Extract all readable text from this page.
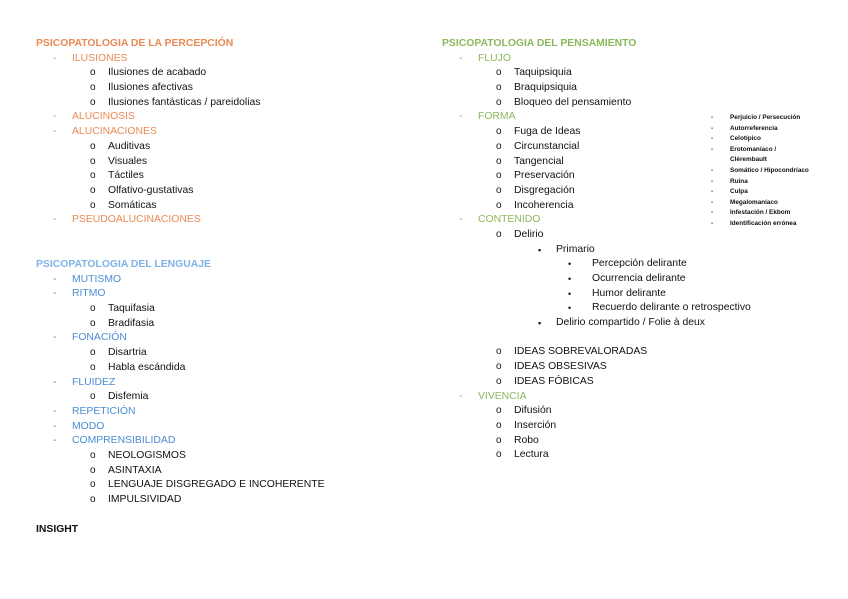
PSICOPATOLOGIA DE LA PERCEPCIÓN
- ILUSIONES
o Ilusiones de acabado
o Ilusiones afectivas
o Ilusiones fantásticas / pareidolias
- ALUCINOSIS
- ALUCINACIONES
o Auditivas
o Visuales
o Táctiles
o Olfativo-gustativas
o Somáticas
- PSEUDOALUCINACIONES
PSICOPATOLOGIA DEL LENGUAJE
- MUTISMO
- RITMO
o Taquifasia
o Bradifasia
- FONACIÓN
o Disartria
o Habla escándida
- FLUIDEZ
o Disfemia
- REPETICIÓN
- MODO
- COMPRENSIBILIDAD
o NEOLOGISMOS
o ASINTAXIA
o LENGUAJE DISGREGADO E INCOHERENTE
o IMPULSIVIDAD
INSIGHT
PSICOPATOLOGIA DEL PENSAMIENTO
- FLUJO
o Taquipsiquia
o Braquipsiquia
o Bloqueo del pensamiento
- FORMA
o Fuga de Ideas
o Circunstancial
o Tangencial
o Preservación
o Disgregación
o Incoherencia
- CONTENIDO
o Delirio
▪ Primario
• Percepción delirante
• Ocurrencia delirante
• Humor delirante
• Recuerdo delirante o retrospectivo
▪ Delirio compartido / Folie à deux
o IDEAS SOBREVALORADAS
o IDEAS OBSESIVAS
o IDEAS FÓBICAS
- VIVENCIA
o Difusión
o Inserción
o Robo
o Lectura
-	Perjuicio / Persecución
-	Autorreferencia
-	Celotípico
-	Erotomaníaco / Clérembault
-	Somático / Hipocondríaco
-	Ruina
-	Culpa
-	Megalomaníaco
-	Infestación / Ekbom
-	Identificación errónea
